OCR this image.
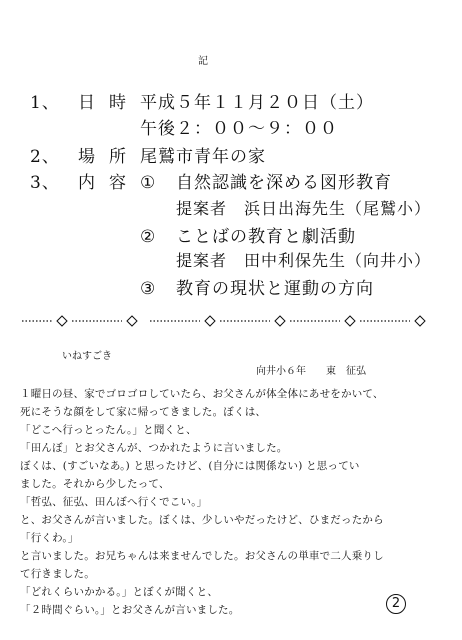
記
1、 日時 平成５年１１月２０日（土）
午後２：００〜９：００
2、 場所 尾鷲市青年の家
3、 内容 ① 自然認識を深める図形教育
提案者　浜日出海先生（尾鷲小）
② ことばの教育と劇活動
提案者　田中利保先生（向井小）
③ 教育の現状と運動の方向
いねすごき
向井小６年　　東　征弘
１曜日の昼、家でゴロゴロしていたら、お父さんが体全体にあせをかいて、
死にそうな顔をして家に帰ってきました。ぼくは、
「どこへ行っとったん。」と聞くと、
「田んぼ」とお父さんが、つかれたように言いました。
ぼくは、(すごいなあ。) と思ったけど、(自分には関係ない) と思ってい
ました。それから少したって、
「哲弘、征弘、田んぼへ行くでこい。」
と、お父さんが言いました。ぼくは、少しいやだったけど、ひまだったから
「行くわ。」
と言いました。お兄ちゃんは来ませんでした。お父さんの単車で二人乗りし
て行きました。
「どれくらいかかる。」とぼくが聞くと、
「２時間ぐらい。」とお父さんが言いました。	2
